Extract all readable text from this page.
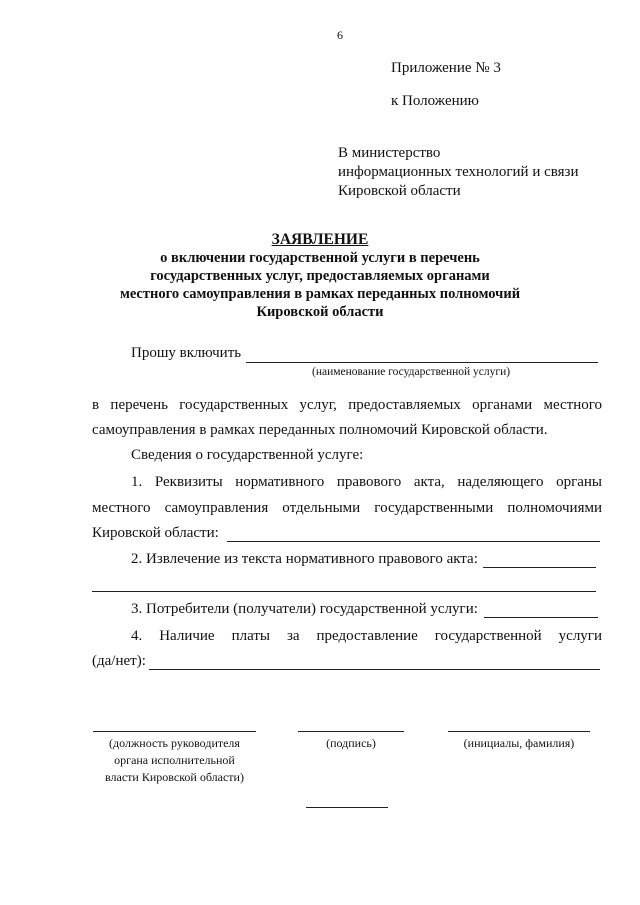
6
Приложение № 3
к Положению
В министерство
информационных технологий и связи
Кировской области
ЗАЯВЛЕНИЕ
о включении государственной услуги в перечень
государственных услуг, предоставляемых органами
местного самоуправления в рамках переданных полномочий
Кировской области
Прошу включить
(наименование государственной услуги)
в перечень государственных услуг, предоставляемых органами местного
самоуправления в рамках переданных полномочий Кировской области.
Сведения о государственной услуге:
1. Реквизиты нормативного правового акта, наделяющего органы
местного самоуправления отдельными государственными полномочиями
Кировской области:
2. Извлечение из текста нормативного правового акта:
3. Потребители (получатели) государственной услуги:
4. Наличие платы за предоставление государственной услуги
(да/нет):
(должность руководителя
органа исполнительной
власти Кировской области)
(подпись)	(инициалы, фамилия)
